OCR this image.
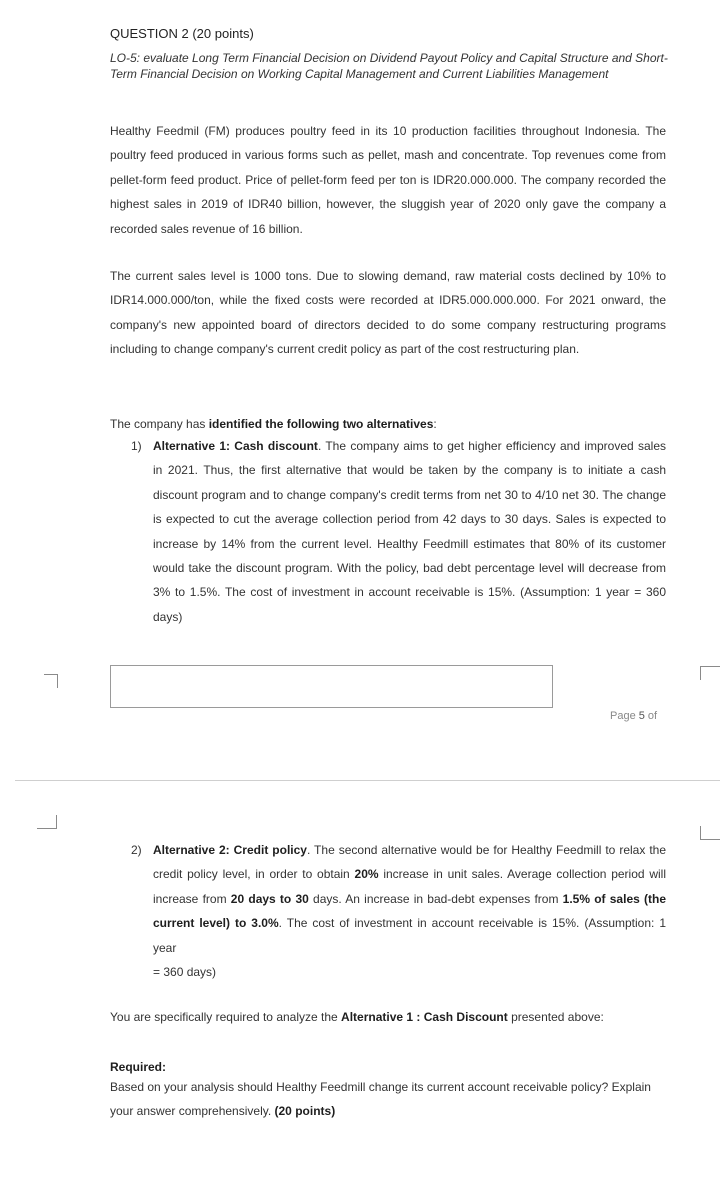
QUESTION 2 (20 points)
LO-5: evaluate Long Term Financial Decision on Dividend Payout Policy and Capital Structure and Short- Term Financial Decision on Working Capital Management and Current Liabilities Management
Healthy Feedmil (FM) produces poultry feed in its 10 production facilities throughout Indonesia. The poultry feed produced in various forms such as pellet, mash and concentrate. Top revenues come from pellet-form feed product. Price of pellet-form feed per ton is IDR20.000.000. The company recorded the highest sales in 2019 of IDR40 billion, however, the sluggish year of 2020 only gave the company a recorded sales revenue of 16 billion.
The current sales level is 1000 tons. Due to slowing demand, raw material costs declined by 10% to IDR14.000.000/ton, while the fixed costs were recorded at IDR5.000.000.000. For 2021 onward, the company's new appointed board of directors decided to do some company restructuring programs including to change company's current credit policy as part of the cost restructuring plan.
The company has identified the following two alternatives:
1) Alternative 1: Cash discount. The company aims to get higher efficiency and improved sales in 2021. Thus, the first alternative that would be taken by the company is to initiate a cash discount program and to change company's credit terms from net 30 to 4/10 net 30. The change is expected to cut the average collection period from 42 days to 30 days. Sales is expected to increase by 14% from the current level. Healthy Feedmill estimates that 80% of its customer would take the discount program. With the policy, bad debt percentage level will decrease from 3% to 1.5%. The cost of investment in account receivable is 15%. (Assumption: 1 year = 360 days)
Page 5 of
2) Alternative 2: Credit policy. The second alternative would be for Healthy Feedmill to relax the credit policy level, in order to obtain 20% increase in unit sales. Average collection period will increase from 20 days to 30 days. An increase in bad-debt expenses from 1.5% of sales (the current level) to 3.0%. The cost of investment in account receivable is 15%. (Assumption: 1 year
= 360 days)
You are specifically required to analyze the Alternative 1 : Cash Discount presented above:
Required:
Based on your analysis should Healthy Feedmill change its current account receivable policy? Explain your answer comprehensively. (20 points)
